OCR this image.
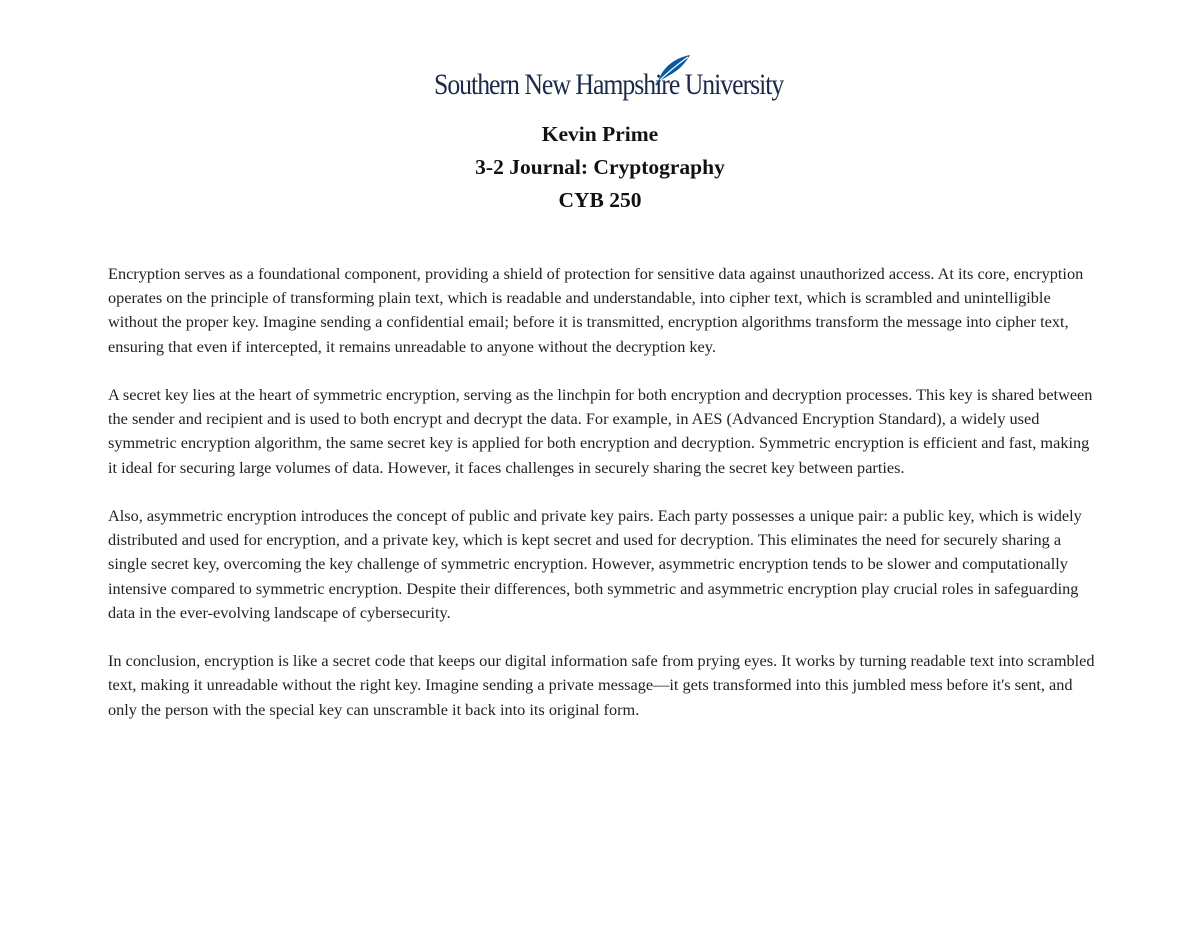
Southern New Hampshire University
Kevin Prime
3-2 Journal: Cryptography
CYB 250

Encryption serves as a foundational component, providing a shield of protection for sensitive data against unauthorized access. At its core, encryption operates on the principle of transforming plain text, which is readable and understandable, into cipher text, which is scrambled and unintelligible without the proper key. Imagine sending a confidential email; before it is transmitted, encryption algorithms transform the message into cipher text, ensuring that even if intercepted, it remains unreadable to anyone without the decryption key.

A secret key lies at the heart of symmetric encryption, serving as the linchpin for both encryption and decryption processes. This key is shared between the sender and recipient and is used to both encrypt and decrypt the data. For example, in AES (Advanced Encryption Standard), a widely used symmetric encryption algorithm, the same secret key is applied for both encryption and decryption. Symmetric encryption is efficient and fast, making it ideal for securing large volumes of data. However, it faces challenges in securely sharing the secret key between parties.

Also, asymmetric encryption introduces the concept of public and private key pairs. Each party possesses a unique pair: a public key, which is widely distributed and used for encryption, and a private key, which is kept secret and used for decryption. This eliminates the need for securely sharing a single secret key, overcoming the key challenge of symmetric encryption. However, asymmetric encryption tends to be slower and computationally intensive compared to symmetric encryption. Despite their differences, both symmetric and asymmetric encryption play crucial roles in safeguarding data in the ever-evolving landscape of cybersecurity.

In conclusion, encryption is like a secret code that keeps our digital information safe from prying eyes. It works by turning readable text into scrambled text, making it unreadable without the right key. Imagine sending a private message—it gets transformed into this jumbled mess before it's sent, and only the person with the special key can unscramble it back into its original form.
